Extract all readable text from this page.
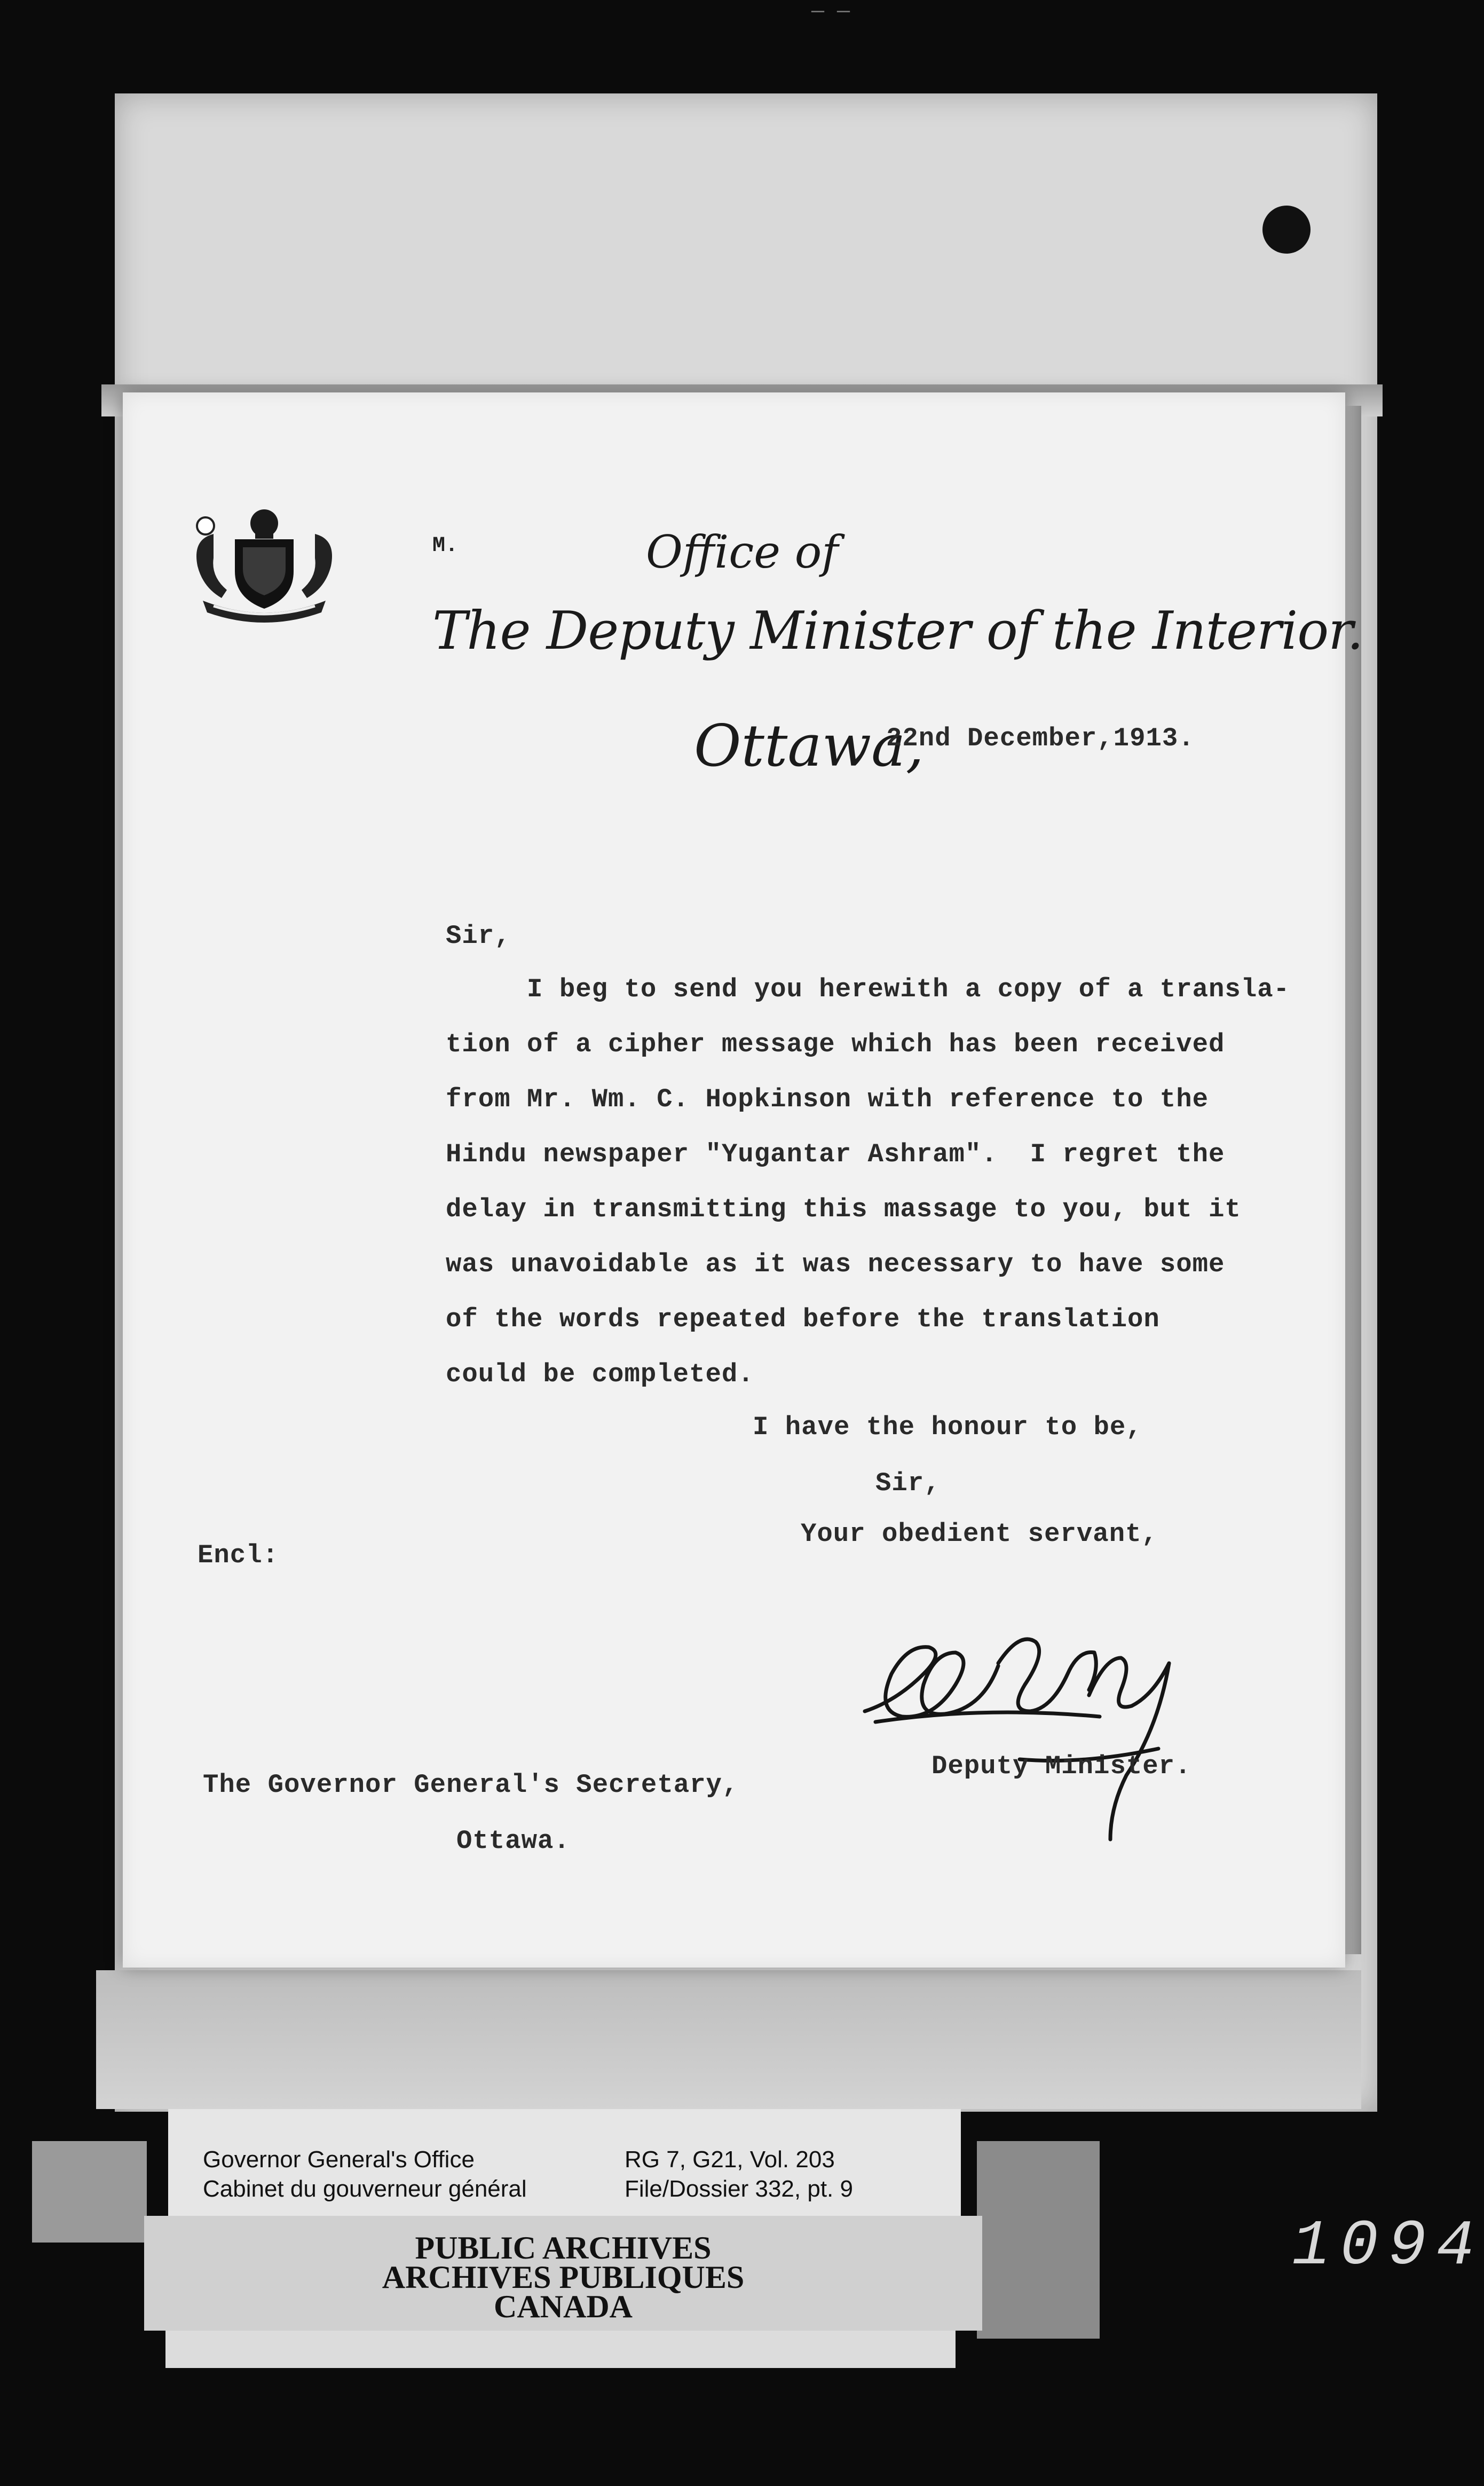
— —
M.	Office of
The Deputy Minister of the Interior.
Ottawa,
22nd December,1913.
Sir,
I beg to send you herewith a copy of a transla-
tion of a cipher message which has been received
from Mr. Wm. C. Hopkinson with reference to the
Hindu newspaper "Yugantar Ashram".  I regret the
delay in transmitting this massage to you, but it
was unavoidable as it was necessary to have some
of the words repeated before the translation
could be completed.
I have the honour to be,
Sir,
Your obedient servant,
Encl:
Deputy Minister.
The Governor General's Secretary,
Ottawa.
Governor General's Office
Cabinet du gouverneur général
RG 7, G21, Vol. 203
File/Dossier 332, pt. 9
PUBLIC ARCHIVES
ARCHIVES PUBLIQUES
CANADA
1094
